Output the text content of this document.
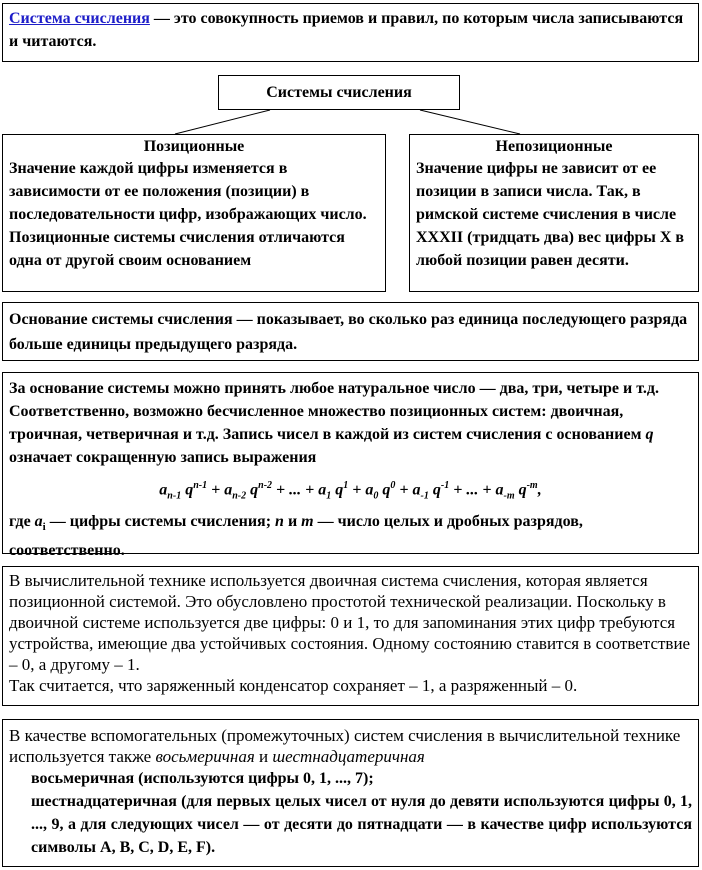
Система счисления — это совокупность приемов и правил, по которым числа записываются и читаются.
Системы счисления
Позиционные
Значение каждой цифры изменяется в зависимости от ее положения (позиции) в последовательности цифр, изображающих число.
Позиционные системы счисления отличаются одна от другой своим основанием
Непозиционные
Значение цифры не зависит от ее позиции в записи числа. Так, в римской системе счисления в числе XXXII (тридцать два) вес цифры X в любой позиции равен десяти.
Основание системы счисления — показывает, во сколько раз единица последующего разряда больше единицы предыдущего разряда.
За основание системы можно принять любое натуральное число — два, три, четыре и т.д. Соответственно, возможно бесчисленное множество позиционных систем: двоичная, троичная, четверичная и т.д. Запись чисел в каждой из систем счисления с основанием q означает сокращенную запись выражения
$a_{n-1}$ $q^{n-1} + a_{n-2}$ $q^{n-2}$ + ... + $a_1$ $q^1 + a_0$ $q^0 + a_{-1}$ $q^{-1}$ + ... + $a_{-m}$ $q^{-m}$,
где $a_i$ — цифры системы счисления; n и m — число целых и дробных разрядов, соответственно.
В вычислительной технике используется двоичная система счисления, которая является позиционной системой. Это обусловлено простотой технической реализации. Поскольку в двоичной системе используется две цифры: 0 и 1, то для запоминания этих цифр требуются устройства, имеющие два устойчивых состояния. Одному состоянию ставится в соответствие – 0, а другому – 1.
Так считается, что заряженный конденсатор сохраняет – 1, а разряженный – 0.
В качестве вспомогательных (промежуточных) систем счисления в вычислительной технике используется также восьмеричная и шестнадцатеричная
восьмеричная (используются цифры 0, 1, ..., 7);
шестнадцатеричная (для первых целых чисел от нуля до девяти используются цифры 0, 1, ..., 9, а для следующих чисел — от десяти до пятнадцати — в качестве цифр используются символы A, B, C, D, E, F).
